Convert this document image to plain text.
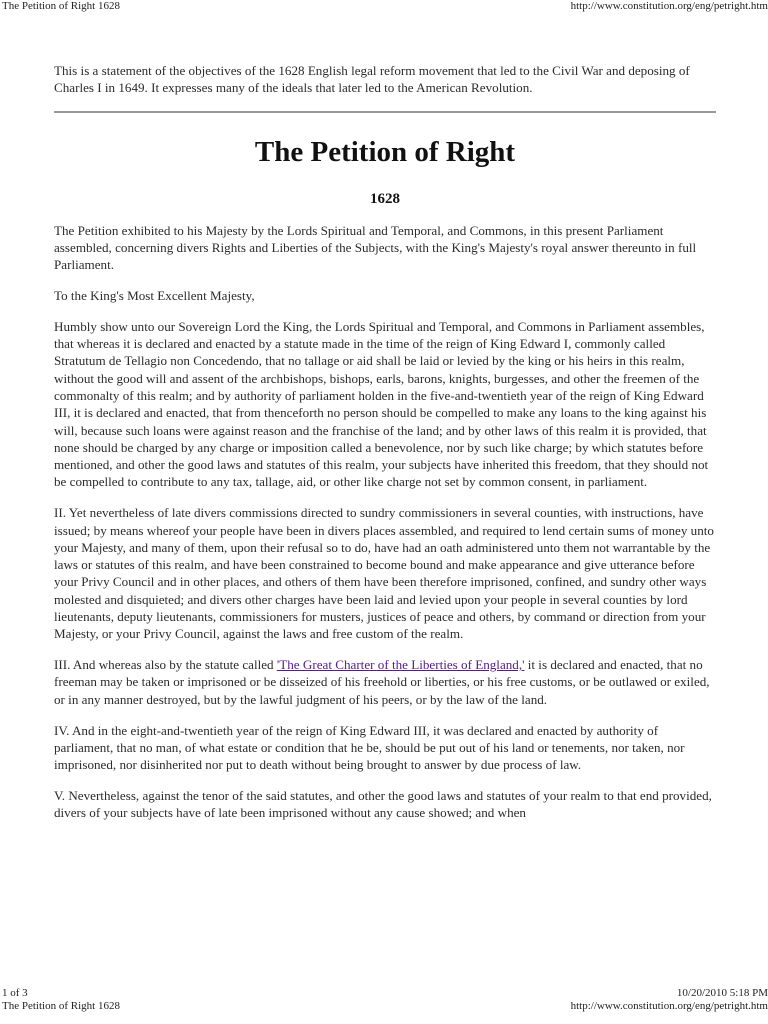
The Petition of Right 1628	http://www.constitution.org/eng/petright.htm

This is a statement of the objectives of the 1628 English legal reform movement that led to the Civil War and deposing of Charles I in 1649. It expresses many of the ideals that later led to the American Revolution.

The Petition of Right
1628

The Petition exhibited to his Majesty by the Lords Spiritual and Temporal, and Commons, in this present Parliament assembled, concerning divers Rights and Liberties of the Subjects, with the King's Majesty's royal answer thereunto in full Parliament.

To the King's Most Excellent Majesty,

Humbly show unto our Sovereign Lord the King, the Lords Spiritual and Temporal, and Commons in Parliament assembles, that whereas it is declared and enacted by a statute made in the time of the reign of King Edward I, commonly called Stratutum de Tellagio non Concedendo, that no tallage or aid shall be laid or levied by the king or his heirs in this realm, without the good will and assent of the archbishops, bishops, earls, barons, knights, burgesses, and other the freemen of the commonalty of this realm; and by authority of parliament holden in the five-and-twentieth year of the reign of King Edward III, it is declared and enacted, that from thenceforth no person should be compelled to make any loans to the king against his will, because such loans were against reason and the franchise of the land; and by other laws of this realm it is provided, that none should be charged by any charge or imposition called a benevolence, nor by such like charge; by which statutes before mentioned, and other the good laws and statutes of this realm, your subjects have inherited this freedom, that they should not be compelled to contribute to any tax, tallage, aid, or other like charge not set by common consent, in parliament.

II. Yet nevertheless of late divers commissions directed to sundry commissioners in several counties, with instructions, have issued; by means whereof your people have been in divers places assembled, and required to lend certain sums of money unto your Majesty, and many of them, upon their refusal so to do, have had an oath administered unto them not warrantable by the laws or statutes of this realm, and have been constrained to become bound and make appearance and give utterance before your Privy Council and in other places, and others of them have been therefore imprisoned, confined, and sundry other ways molested and disquieted; and divers other charges have been laid and levied upon your people in several counties by lord lieutenants, deputy lieutenants, commissioners for musters, justices of peace and others, by command or direction from your Majesty, or your Privy Council, against the laws and free custom of the realm.

III. And whereas also by the statute called 'The Great Charter of the Liberties of England,' it is declared and enacted, that no freeman may be taken or imprisoned or be disseized of his freehold or liberties, or his free customs, or be outlawed or exiled, or in any manner destroyed, but by the lawful judgment of his peers, or by the law of the land.

IV. And in the eight-and-twentieth year of the reign of King Edward III, it was declared and enacted by authority of parliament, that no man, of what estate or condition that he be, should be put out of his land or tenements, nor taken, nor imprisoned, nor disinherited nor put to death without being brought to answer by due process of law.

V. Nevertheless, against the tenor of the said statutes, and other the good laws and statutes of your realm to that end provided, divers of your subjects have of late been imprisoned without any cause showed; and when

1 of 3	10/20/2010 5:18 PM
The Petition of Right 1628	http://www.constitution.org/eng/petright.htm
